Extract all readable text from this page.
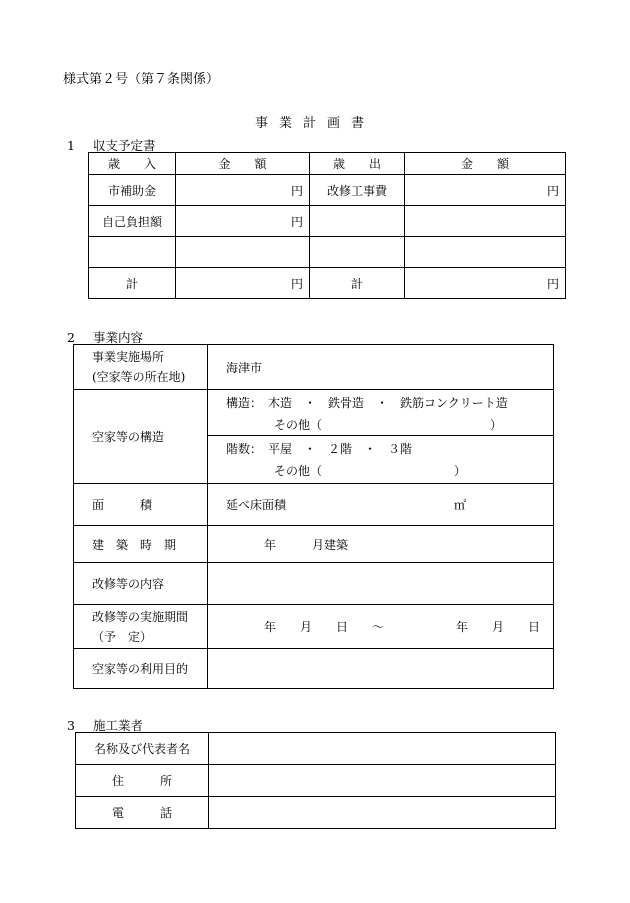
様式第２号（第７条関係）
事業計画書
1 収支予定書
歳　　入	金　　額	歳　　出	金　　額
市補助金	円	改修工事費	円
自己負担額	円		

計	円	計	円
2 事業内容
事業実施場所
(空家等の所在地)	海津市
空家等の構造	構造：　木造　・　鉄骨造　・　鉄筋コンクリート造
その他（　　　　　　　　　　　　　　）
階数：　平屋　・　２階　・　３階
その他（　　　　　　　　　　　）

面　　　積	延べ床面積 ㎡
建　築　時　期	年　　　月建築
改修等の内容	

改修等の実施期間
（予　定）	年　　月　　日　　～　　　　　　年　　月　　日
空家等の利用目的	
3 施工業者
名称及び代表者名	
住　　　所	
電　　　話	
